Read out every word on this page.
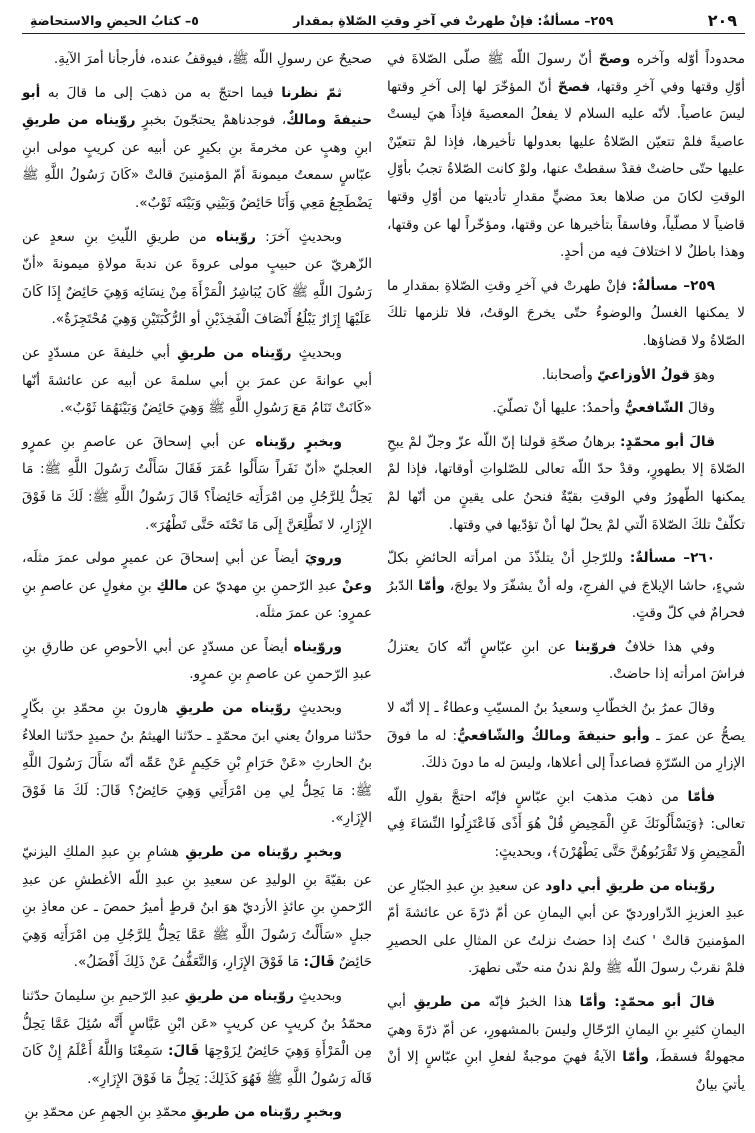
٢٠٩
٢٥٩– مسألةٌ: فإنْ طهرتْ في آخرِ وقتِ الصّلاةِ بمقدار
٥– كتابُ الحيضِ والاستحاضةِ

محدوداً أوّله وآخره وصحّ أنّ رسولَ اللّه ﷺ صلّى الصّلاةَ في أوّلِ وقتها وفي آخرِ وقتها، فصحّ أنّ المؤخّرَ لها إلى آخرِ وقتها ليسَ عاصياً. لأنّه عليه السلام لا يفعلُ المعصيةَ فإذاً هيَ ليستْ عاصيةً فلمْ تتعيّن الصّلاةُ عليها بعدولها تأخيرها، فإذا لمْ تتعيّنْ عليها حتّى حاضتْ فقدْ سقطتْ عنها، ولوْ كانت الصّلاةُ تجبُ بأوّلِ الوقتِ لكانَ من صلاها بعدَ مضيٍّ مقدارِ تأديتها من أوّلِ وقتها قاضياً لا مصلّياً، وفاسقاً بتأخيرها عن وقتها، ومؤخّراً لها عن وقتها، وهذا باطلٌ لا اختلافَ فيه من أحدٍ.

٢٥٩– مسألةٌ: فإنْ طهرتْ في آخرِ وقتِ الصّلاةِ بمقدارِ ما لا يمكنها الغسلُ والوضوءُ حتّى يخرجَ الوقتُ، فلا تلزمها تلكَ الصّلاةُ ولا قضاؤها.

وهوَ قولُ الأوزاعيّ وأصحابنا.

وقالَ الشّافعيُّ وأحمدُ: عليها أنْ تصلّيَ.

قالَ أبو محمّدٍ: برهانُ صحّةِ قولنا إنّ اللّه عزّ وجلّ لمْ يبحِ الصّلاةَ إلا بطهورٍ، وقدْ حدّ اللّه تعالى للصّلواتِ أوقاتها، فإذا لمْ يمكنها الطّهورُ وفي الوقتِ بقيّةٌ فنحنُ على يقينٍ من أنّها لمْ تكلّفْ تلكَ الصّلاةَ الّتي لمْ يحلّ لها أنْ تؤدّيها في وقتها.

٢٦٠– مسألةٌ: وللرّجلِ أنْ يتلذّذَ من امرأته الحائضِ بكلّ شيءٍ، حاشا الإيلاجَ في الفرجِ، وله أنْ يشفّرَ ولا يولجَ، وأمّا الدّبرُ فحرامٌ في كلّ وقتٍ.

وفي هذا خلافٌ فروّينا عن ابنِ عبّاسٍ أنّه كانَ يعتزلُ فراشَ امرأته إذا حاضتْ.

وقالَ عمرُ بنُ الخطّابِ وسعيدُ بنُ المسيّبِ وعطاءٌ ـ إلا أنّه لا يصحُّ عن عمرَ ـ وأبو حنيفةَ ومالكٌ والشّافعيُّ: له ما فوقَ الإزارِ من السّرّةِ فصاعداً إلى أعلاها، وليسَ له ما دونَ ذلكَ.

فأمّا من ذهبَ مذهبَ ابنِ عبّاسٍ فإنّه احتجَّ بقولِ اللّه تعالى: ﴿وَيَسْأَلُونَكَ عَنِ الْمَحِيضِ قُلْ هُوَ أَذًى فَاعْتَزِلُوا النِّسَاءَ فِي الْمَحِيضِ وَلا تَقْرَبُوهُنَّ حَتَّى يَطْهُرْنَ﴾، وبحديثٍ:

روّيناه من طريقِ أبي داود عن سعيدِ بنِ عبدِ الجبّارِ عن عبدِ العزيزِ الدّراورديّ عن أبي اليمانِ عن أمّ ذرّةَ عن عائشةَ أمّ المؤمنينَ قالتْ ' كنتُ إذا حضتُ نزلتُ عن المثالِ على الحصيرِ فلمْ نقربْ رسولَ اللّه ﷺ ولمْ ندنُ منه حتّى نطهرَ.

قالَ أبو محمّدٍ: وأمّا هذا الخبرُ فإنّه من طريقِ أبي اليمانِ كثيرِ بنِ اليمانِ الرّحّالِ وليسَ بالمشهورِ، عن أمّ ذرّةَ وهيَ مجهولةٌ فسقطَ، وأمّا الآيةُ فهيَ موجبةٌ لفعلِ ابنِ عبّاسٍ إلا أنْ يأتيَ بيانٌ

صحيحٌ عن رسولِ اللّه ﷺ، فيوقفُ عنده، فأرجأنا أمرَ الآيةِ.

ثمّ نظرنا فيما احتجّ به من ذهبَ إلى ما قالَ به أبو حنيفةَ ومالكٌ، فوجدناهمْ يحتجّونَ بخبرٍ روّيناه من طريقِ ابنِ وهبٍ عن مخرمةَ بنِ بكيرٍ عن أبيه عن كريبٍ مولى ابنِ عبّاسٍ سمعتُ ميمونةَ أمّ المؤمنينَ قالتْ «كَانَ رَسُولُ اللَّهِ ﷺ يَضْطَجِعُ مَعِي وَأَنَا حَائِضٌ وَبَيْنِي وَبَيْنَه ثَوْبٌ».

وبحديثٍ آخرَ: روّيناه من طريقِ اللّيثِ بنِ سعدٍ عن الزّهريّ عن حبيبٍ مولى عروةَ عن ندبةَ مولاةِ ميمونةَ «أنّ رَسُولَ اللَّهِ ﷺ كَانَ يُبَاشِرُ الْمَرْأَةَ مِنْ نِسَائِه وَهِيَ حَائِضٌ إِذَا كَانَ عَلَيْهَا إِزَارٌ يَبْلُغُ أَنْصَافَ الْفَخِذَيْنِ أو الرُّكْبَتَيْنِ وَهِيَ مُحْتَجِزَةٌ».

وبحديثٍ روّيناه من طريقِ أبي خليفةَ عن مسدّدٍ عن أبي عوانةَ عن عمرَ بنِ أبي سلمةَ عن أبيه عن عائشةَ أنّها «كَانَتْ تَنَامُ مَعَ رَسُولِ اللَّهِ ﷺ وَهِيَ حَائِضٌ وَبَيْنَهُمَا ثَوْبٌ».

وبخبرٍ روّيناه عن أبي إسحاقَ عن عاصمِ بنِ عمرٍو العجليّ «أنّ نَفَراً سَأَلُوا عُمَرَ فَقَالَ سَأَلْتُ رَسُولَ اللَّهِ ﷺ: مَا يَحِلُّ لِلرَّجُلِ مِن امْرَأَتِه حَائِضاً؟ قَالَ رَسُولُ اللَّهِ ﷺ: لَكَ مَا فَوْقَ الإِزَارِ، لا تَطَّلِعَنَّ إِلَى مَا تَحْتَه حَتَّى تَطْهُرَ».

ورويَ أيضاً عن أبي إسحاقَ عن عميرٍ مولى عمرَ مثلَه، وعنْ عبدِ الرّحمنِ بنِ مهديّ عن مالكِ بنِ مغولٍ عن عاصمِ بنِ عمرٍو: عن عمرَ مثلَه.

وروّيناه أيضاً عن مسدّدٍ عن أبي الأحوصِ عن طارقِ بنِ عبدِ الرّحمنِ عن عاصمِ بنِ عمرٍو.

وبحديثٍ روّيناه من طريقِ هارونَ بنِ محمّدِ بنِ بكّارٍ حدّثنا مروانُ يعني ابنَ محمّدٍ ـ حدّثنا الهيثمُ بنُ حميدٍ حدّثنا العلاءُ بنُ الحارثِ «عَنْ حَرَامِ بْنِ حَكِيمٍ عَنْ عَمِّه أنّه سَأَلَ رَسُولَ اللَّهِ ﷺ: مَا يَحِلُّ لِي مِن امْرَأَتِي وَهِيَ حَائِضٌ؟ قَالَ: لَكَ مَا فَوْقَ الإِزَارِ».

وبخبرٍ روّيناه من طريقِ هشامِ بنِ عبدِ الملكِ اليزنيّ عن بقيّةَ بنِ الوليدِ عن سعيدِ بنِ عبدِ اللّه الأغطشِ عن عبدِ الرّحمنِ بنِ عائذٍ الأزديّ هوَ ابنُ قرطٍ أميرُ حمصَ ـ عن معاذِ بنِ جبلٍ «سَأَلْتُ رَسُولَ اللَّهِ ﷺ عَمَّا يَحِلُّ لِلرَّجُلِ مِن امْرَأَتِه وَهِيَ حَائِضٌ قَالَ: مَا فَوْقَ الإِزَارِ، وَالتَّعَفُّفُ عَنْ ذَلِكَ أَفْضَلُ».

وبحديثٍ روّيناه من طريقِ عبدِ الرّحيمِ بنِ سليمانَ حدّثنا محمّدُ بنُ كريبٍ عن كريبٍ «عَن ابْنِ عَبَّاسٍ أَنَّه سُئِلَ عَمَّا يَحِلُّ مِن الْمَرْأَةِ وَهِيَ حَائِضٌ لِزَوْجِهَا قَالَ: سَمِعْنَا وَاللَّهُ أَعْلَمُ إِنْ كَانَ قَالَه رَسُولُ اللَّهِ ﷺ فَهُوَ كَذَلِكَ: يَحِلُّ مَا فَوْقَ الإِزَارِ».

وبخبرٍ روّيناه من طريقِ محمّدِ بنِ الجهمِ عن محمّدِ بنِ
